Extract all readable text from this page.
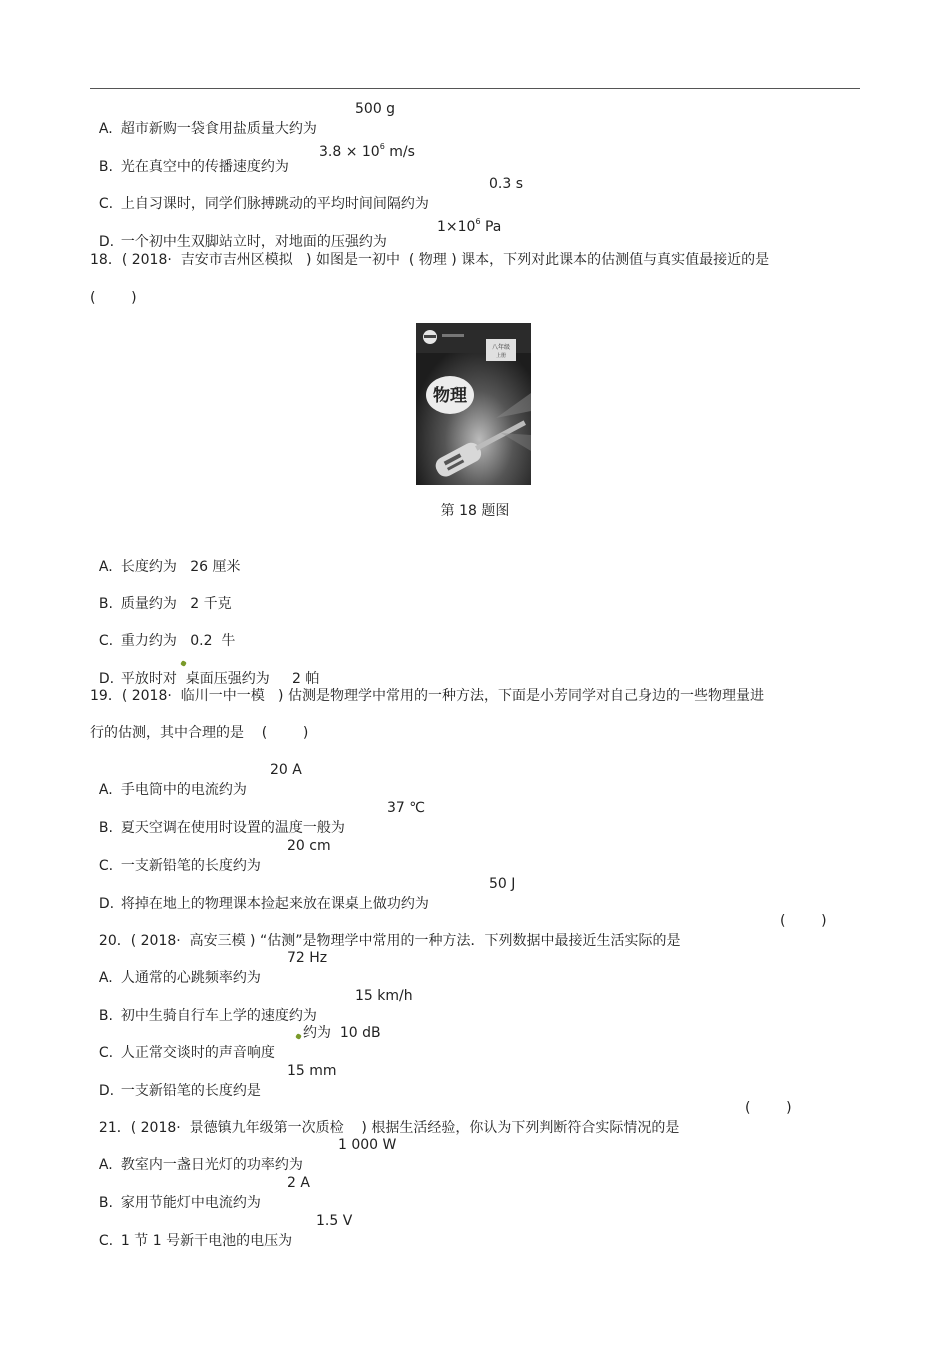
A. 超市新购一袋食用盐质量大约为

500 g

B. 光在真空中的传播速度约为

$3.8 \times 10^6$ m/s

C. 上自习课时，同学们脉搏跳动的平均时间间隔约为

0.3 s

D. 一个初中生双脚站立时，对地面的压强约为

$1\times 10^6$ Pa

18．( 2018·  吉安市吉州区模拟   ) 如图是一初中  ( 物理 ) 课本，下列对此课本的估测值与真实值最接近的是
(        )
八年级
上册
物理
第 18 题图

A. 长度约为   26 厘米

B. 质量约为   2 千克

C. 重力约为   0.2  牛

D. 平放时对  桌面压强约为     2 帕

19．( 2018·  临川一中一模   ) 估测是物理学中常用的一种方法，下面是小芳同学对自己身边的一些物理量进
行的估测，其中合理的是    (        )

A. 手电筒中的电流约为

20 A

B. 夏天空调在使用时设置的温度一般为

37 ℃

C. 一支新铅笔的长度约为

20 cm

D. 将掉在地上的物理课本捡起来放在课桌上做功约为

50 J

20．( 2018·  高安三模 ) “估测”是物理学中常用的一种方法．下列数据中最接近生活实际的是

(        )

A. 人通常的心跳频率约为

72 Hz

B. 初中生骑自行车上学的速度约为

15 km/h

C. 人正常交谈时的声音响度

约为  10 dB

D. 一支新铅笔的长度约是

15 mm

21．( 2018·  景德镇九年级第一次质检    ) 根据生活经验，你认为下列判断符合实际情况的是

(        )

A. 教室内一盏日光灯的功率约为

1 000 W

B. 家用节能灯中电流约为

2 A

C. 1 节 1 号新干电池的电压为

1.5 V
